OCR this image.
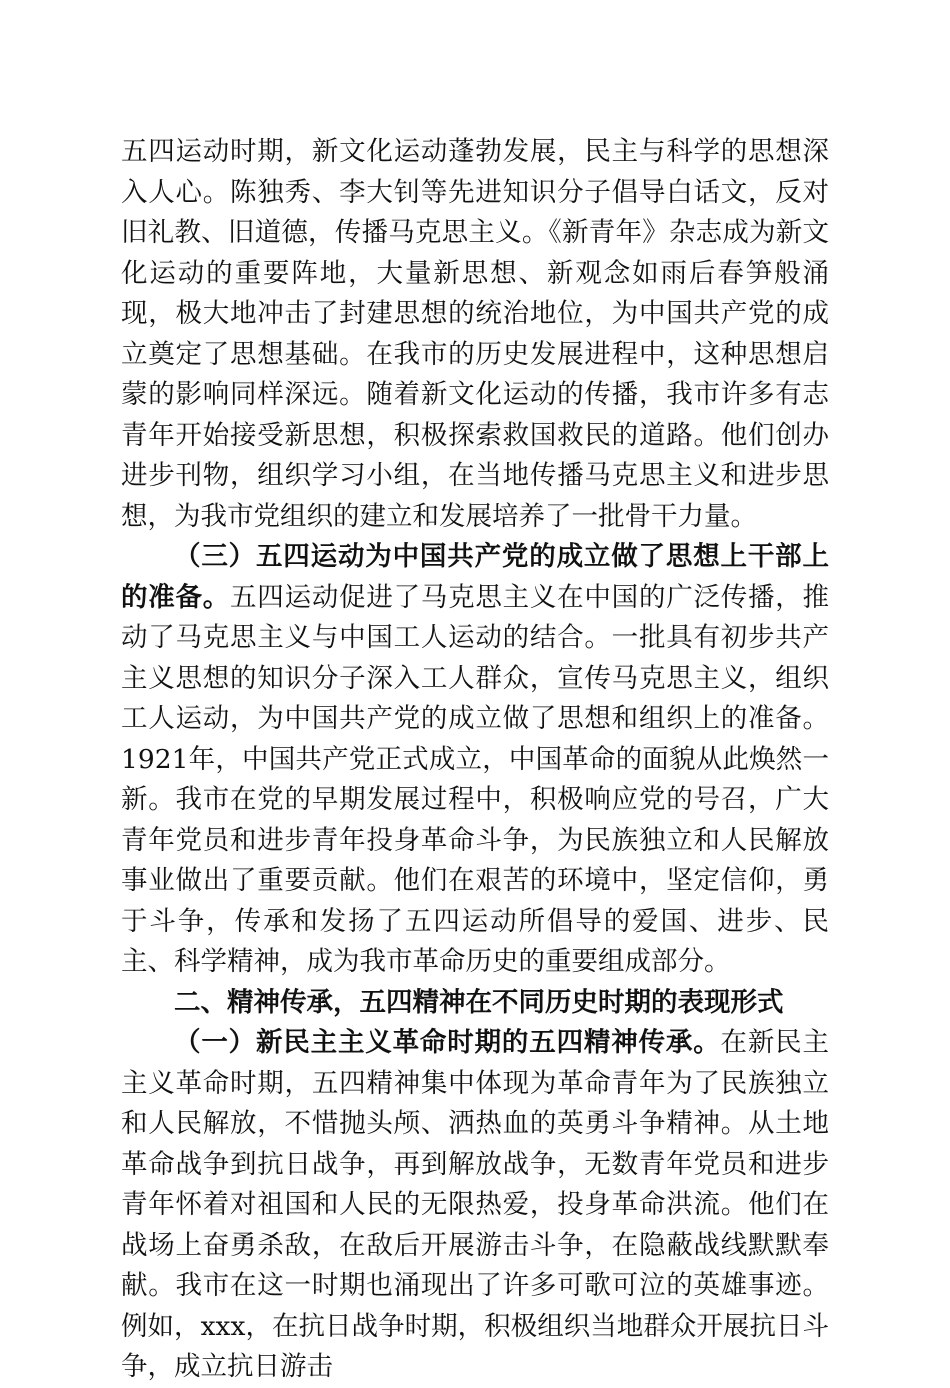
五四运动时期，新文化运动蓬勃发展，民主与科学的思想深入人心。陈独秀、李大钊等先进知识分子倡导白话文，反对旧礼教、旧道德，传播马克思主义。《新青年》杂志成为新文化运动的重要阵地，大量新思想、新观念如雨后春笋般涌现，极大地冲击了封建思想的统治地位，为中国共产党的成立奠定了思想基础。在我市的历史发展进程中，这种思想启蒙的影响同样深远。随着新文化运动的传播，我市许多有志青年开始接受新思想，积极探索救国救民的道路。他们创办进步刊物，组织学习小组，在当地传播马克思主义和进步思想，为我市党组织的建立和发展培养了一批骨干力量。

（三）五四运动为中国共产党的成立做了思想上干部上的准备。五四运动促进了马克思主义在中国的广泛传播，推动了马克思主义与中国工人运动的结合。一批具有初步共产主义思想的知识分子深入工人群众，宣传马克思主义，组织工人运动，为中国共产党的成立做了思想和组织上的准备。1921年，中国共产党正式成立，中国革命的面貌从此焕然一新。我市在党的早期发展过程中，积极响应党的号召，广大青年党员和进步青年投身革命斗争，为民族独立和人民解放事业做出了重要贡献。他们在艰苦的环境中，坚定信仰，勇于斗争，传承和发扬了五四运动所倡导的爱国、进步、民主、科学精神，成为我市革命历史的重要组成部分。

二、精神传承，五四精神在不同历史时期的表现形式

（一）新民主主义革命时期的五四精神传承。在新民主主义革命时期，五四精神集中体现为革命青年为了民族独立和人民解放，不惜抛头颅、洒热血的英勇斗争精神。从土地革命战争到抗日战争，再到解放战争，无数青年党员和进步青年怀着对祖国和人民的无限热爱，投身革命洪流。他们在战场上奋勇杀敌，在敌后开展游击斗争，在隐蔽战线默默奉献。我市在这一时期也涌现出了许多可歌可泣的英雄事迹。例如，xxx，在抗日战争时期，积极组织当地群众开展抗日斗争，成立抗日游击
